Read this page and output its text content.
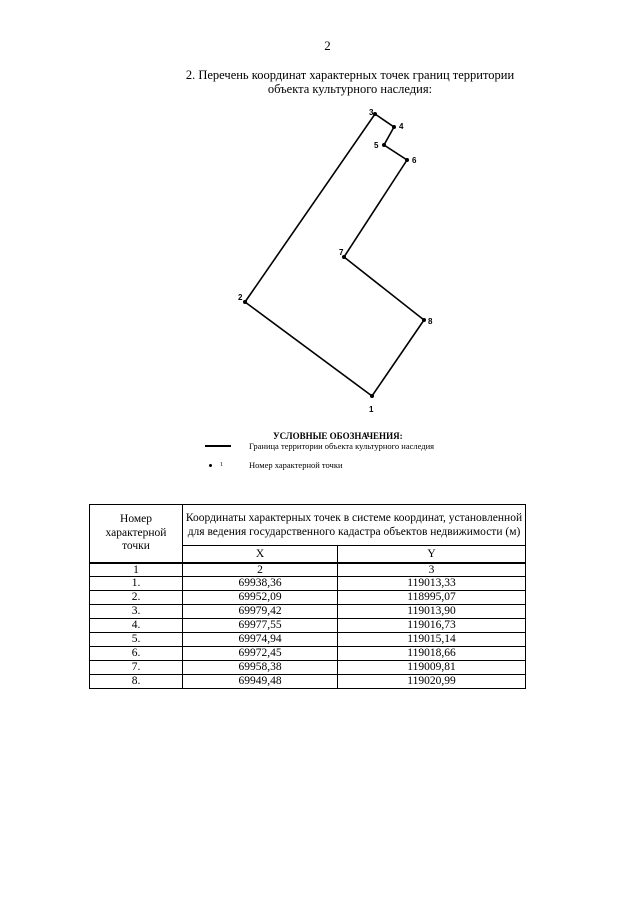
2
2. Перечень координат характерных точек границ территории
объекта культурного наследия:
1
2
3
4
5
6
7
8
УСЛОВНЫЕ ОБОЗНАЧЕНИЯ:
Граница территории объекта культурного наследия
1	Номер характерной точки
Номер характерной точки	Координаты характерных точек в системе координат, установленной для ведения государственного кадастра объектов недвижимости (м)	
	X	Y
1	2	3
1.	69938,36	119013,33
2.	69952,09	118995,07
3.	69979,42	119013,90
4.	69977,55	119016,73
5.	69974,94	119015,14
6.	69972,45	119018,66
7.	69958,38	119009,81
8.	69949,48	119020,99
